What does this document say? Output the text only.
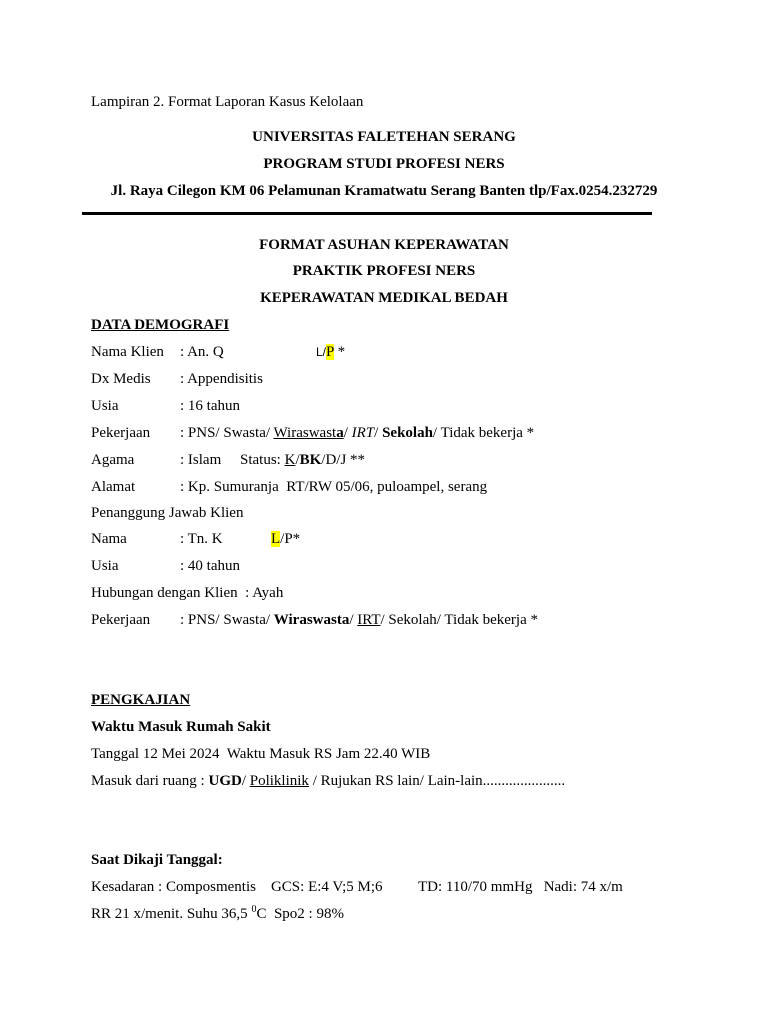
Lampiran 2. Format Laporan Kasus Kelolaan
UNIVERSITAS FALETEHAN SERANG
PROGRAM STUDI PROFESI NERS
Jl. Raya Cilegon KM 06 Pelamunan Kramatwatu Serang Banten tlp/Fax.0254.232729
FORMAT ASUHAN KEPERAWATAN
PRAKTIK PROFESI NERS
KEPERAWATAN MEDIKAL BEDAH
DATA DEMOGRAFI
Nama Klien : An. Q	L/P *
Dx Medis : Appendisitis
Usia	: 16 tahun
Pekerjaan : PNS/ Swasta/ Wiraswasta/ IRT/ Sekolah/ Tidak bekerja *
Agama	: Islam     Status: K/BK/D/J **
Alamat	: Kp. Sumuranja  RT/RW 05/06, puloampel, serang
Penanggung Jawab Klien
Nama	: Tn. K	L/P*
Usia	: 40 tahun
Hubungan dengan Klien  : Ayah
Pekerjaan : PNS/ Swasta/ Wiraswasta/ IRT/ Sekolah/ Tidak bekerja *
PENGKAJIAN
Waktu Masuk Rumah Sakit
Tanggal 12 Mei 2024  Waktu Masuk RS Jam 22.40 WIB
Masuk dari ruang : UGD/ Poliklinik / Rujukan RS lain/ Lain-lain......................
Saat Dikaji Tanggal:
Kesadaran : Composmentis    GCS: E:4 V;5 M;6 TD: 110/70 mmHg   Nadi: 74 x/m
RR 21 x/menit. Suhu 36,5 $^0$C  Spo2 : 98%
